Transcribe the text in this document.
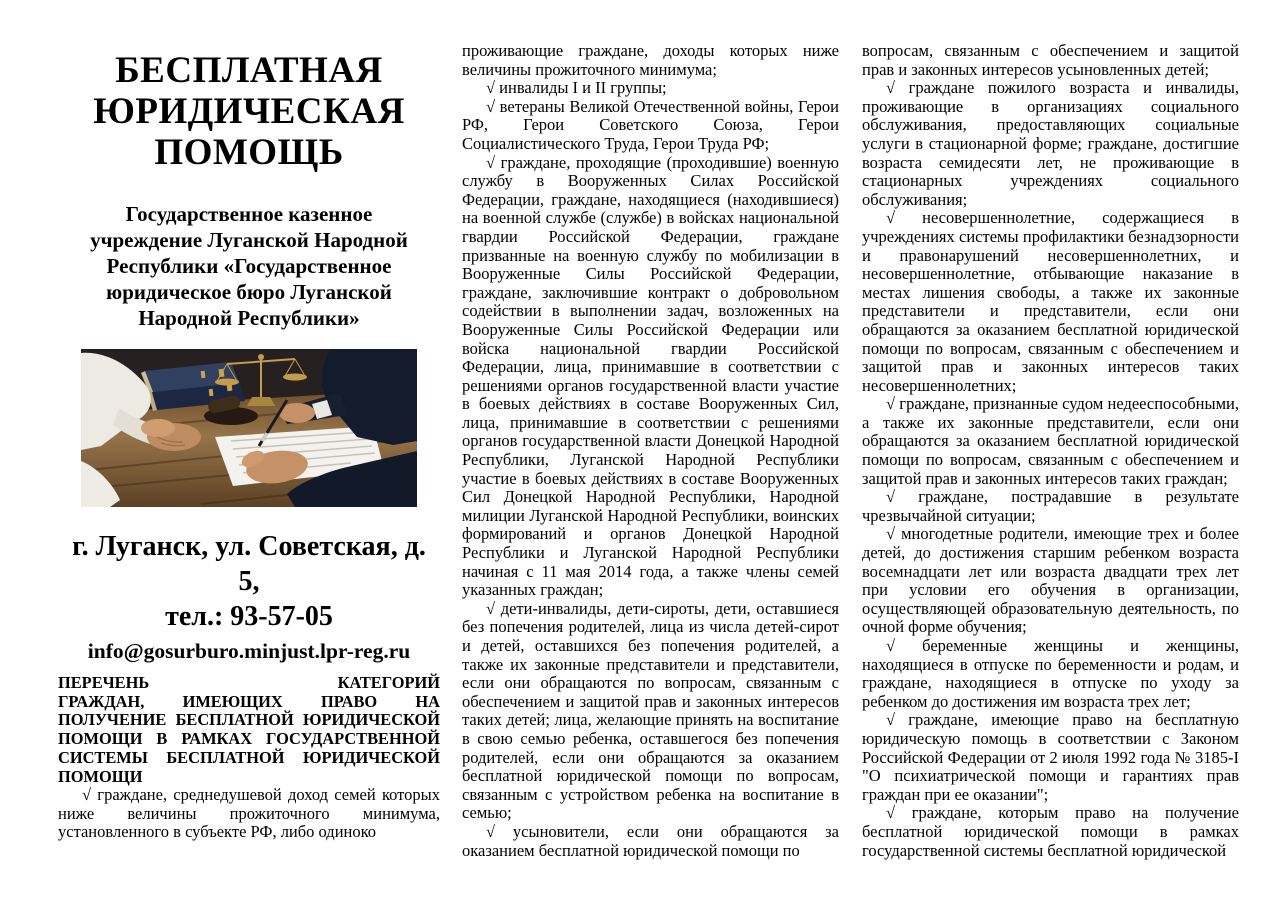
БЕСПЛАТНАЯ ЮРИДИЧЕСКАЯ ПОМОЩЬ
Государственное казенное учреждение Луганской Народной Республики «Государственное юридическое бюро Луганской Народной Республики»
г. Луганск, ул. Советская, д.
5,
тел.: 93-57-05
info@gosurburo.minjust.lpr-reg.ru
ПЕРЕЧЕНЬ	КАТЕГОРИЙ
ГРАЖДАН, ИМЕЮЩИХ ПРАВО НА
ПОЛУЧЕНИЕ БЕСПЛАТНОЙ ЮРИДИЧЕСКОЙ
ПОМОЩИ В РАМКАХ ГОСУДАРСТВЕННОЙ
СИСТЕМЫ БЕСПЛАТНОЙ ЮРИДИЧЕСКОЙ
ПОМОЩИ

√ граждане, среднедушевой доход семей которых ниже величины прожиточного минимума, установленного в субъекте РФ, либо одиноко

проживающие граждане, доходы которых ниже величины прожиточного минимума;

√ инвалиды I и II группы;

√ ветераны Великой Отечественной войны, Герои РФ, Герои Советского Союза, Герои Социалистического Труда, Герои Труда РФ;

√ граждане, проходящие (проходившие) военную службу в Вооруженных Силах Российской Федерации, граждане, находящиеся (находившиеся) на военной службе (службе) в войсках национальной гвардии Российской Федерации, граждане призванные на военную службу по мобилизации в Вооруженные Силы Российской Федерации, граждане, заключившие контракт о добровольном содействии в выполнении задач, возложенных на Вооруженные Силы Российской Федерации или войска национальной гвардии Российской Федерации, лица, принимавшие в соответствии с решениями органов государственной власти участие в боевых действиях в составе Вооруженных Сил, лица, принимавшие в соответствии с решениями органов государственной власти Донецкой Народной Республики, Луганской Народной Республики участие в боевых действиях в составе Вооруженных Сил Донецкой Народной Республики, Народной милиции Луганской Народной Республики, воинских формирований и органов Донецкой Народной Республики и Луганской Народной Республики начиная с 11 мая 2014 года, а также члены семей указанных граждан;

√ дети-инвалиды, дети-сироты, дети, оставшиеся без попечения родителей, лица из числа детей-сирот и детей, оставшихся без попечения родителей, а также их законные представители и представители, если они обращаются по вопросам, связанным с обеспечением и защитой прав и законных интересов таких детей; лица, желающие принять на воспитание в свою семью ребенка, оставшегося без попечения родителей, если они обращаются за оказанием бесплатной юридической помощи по вопросам, связанным с устройством ребенка на воспитание в семью;

√ усыновители, если они обращаются за оказанием бесплатной юридической помощи по

вопросам, связанным с обеспечением и защитой прав и законных интересов усыновленных детей;

√ граждане пожилого возраста и инвалиды, проживающие в организациях социального обслуживания, предоставляющих социальные услуги в стационарной форме; граждане, достигшие возраста семидесяти лет, не проживающие в стационарных учреждениях социального обслуживания;

√ несовершеннолетние, содержащиеся в учреждениях системы профилактики безнадзорности и правонарушений несовершеннолетних, и несовершеннолетние, отбывающие наказание в местах лишения свободы, а также их законные представители и представители, если они обращаются за оказанием бесплатной юридической помощи по вопросам, связанным с обеспечением и защитой прав и законных интересов таких несовершеннолетних;

√ граждане, признанные судом недееспособными, а также их законные представители, если они обращаются за оказанием бесплатной юридической помощи по вопросам, связанным с обеспечением и защитой прав и законных интересов таких граждан;

√ граждане, пострадавшие в результате чрезвычайной ситуации;

√ многодетные родители, имеющие трех и более детей, до достижения старшим ребенком возраста восемнадцати лет или возраста двадцати трех лет при условии его обучения в организации, осуществляющей образовательную деятельность, по очной форме обучения;

√ беременные женщины и женщины, находящиеся в отпуске по беременности и родам, и граждане, находящиеся в отпуске по уходу за ребенком до достижения им возраста трех лет;

√ граждане, имеющие право на бесплатную юридическую помощь в соответствии с Законом Российской Федерации от 2 июля 1992 года № 3185-I "О психиатрической помощи и гарантиях прав граждан при ее оказании";

√ граждане, которым право на получение бесплатной юридической помощи в рамках государственной системы бесплатной юридической
